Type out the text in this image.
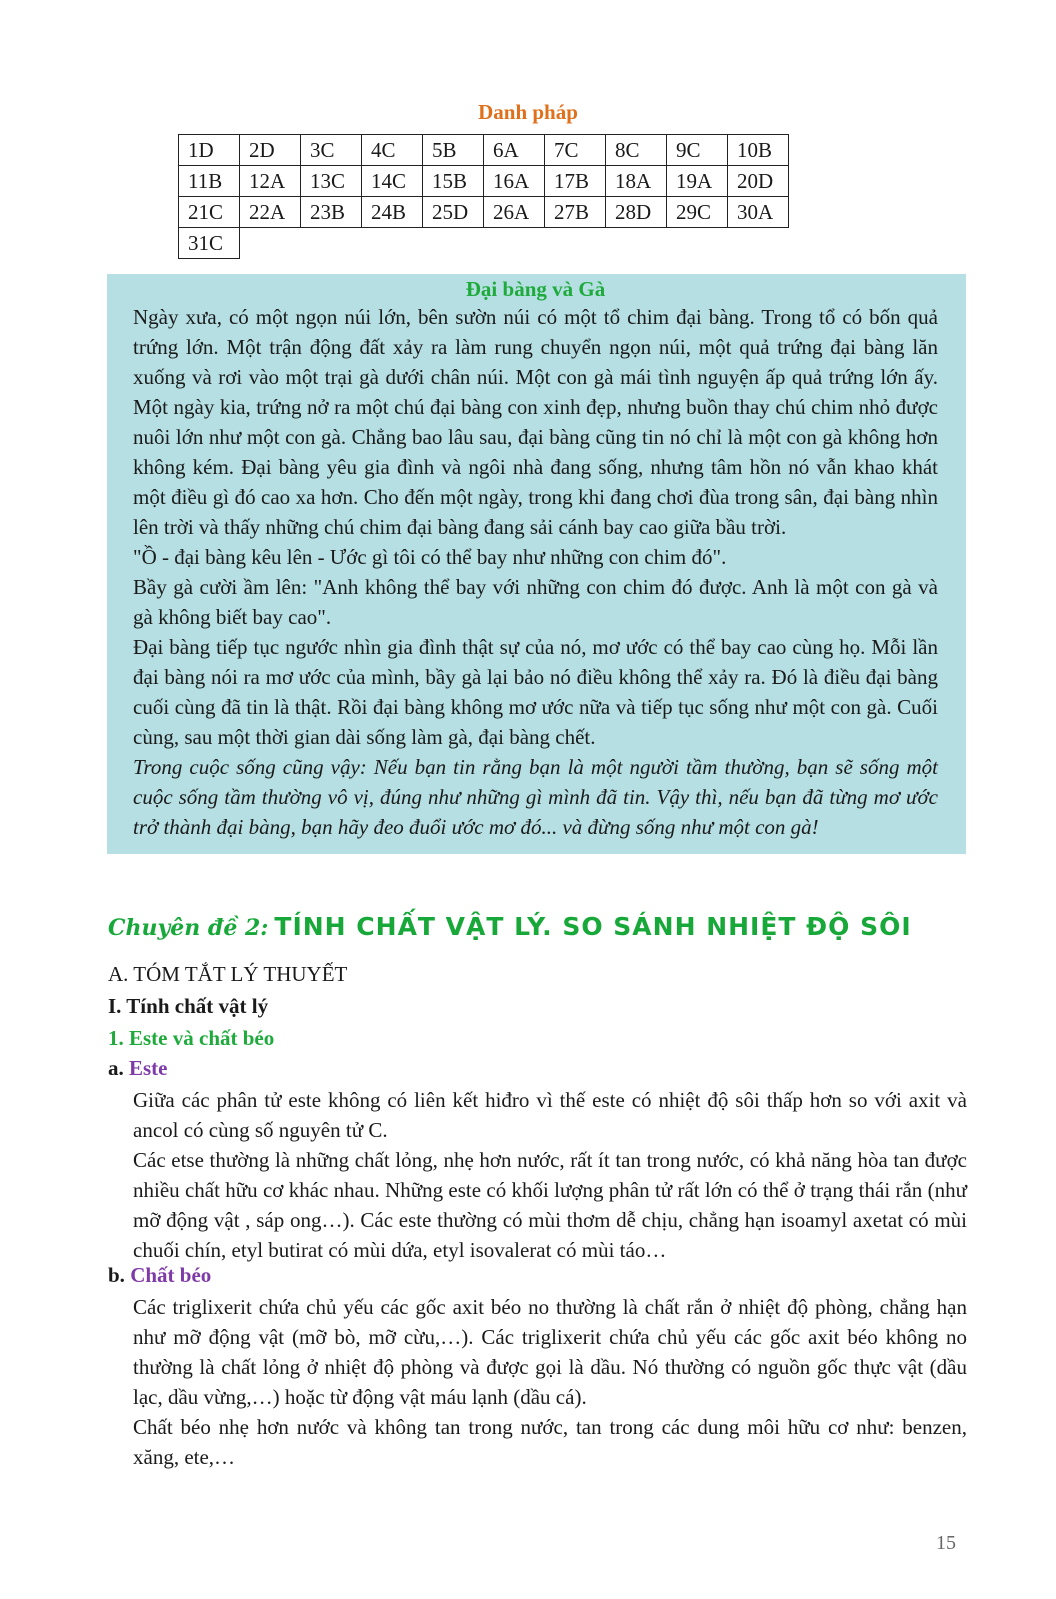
Danh pháp
1D	2D	3C	4C	5B	6A	7C	8C	9C	10B
11B	12A	13C	14C	15B	16A	17B	18A	19A	20D
21C	22A	23B	24B	25D	26A	27B	28D	29C	30A
31C									
Đại bàng và Gà

Ngày xưa, có một ngọn núi lớn, bên sườn núi có một tổ chim đại bàng. Trong tổ có bốn quả trứng lớn. Một trận động đất xảy ra làm rung chuyển ngọn núi, một quả trứng đại bàng lăn xuống và rơi vào một trại gà dưới chân núi. Một con gà mái tình nguyện ấp quả trứng lớn ấy. Một ngày kia, trứng nở ra một chú đại bàng con xinh đẹp, nhưng buồn thay chú chim nhỏ được nuôi lớn như một con gà. Chẳng bao lâu sau, đại bàng cũng tin nó chỉ là một con gà không hơn không kém. Đại bàng yêu gia đình và ngôi nhà đang sống, nhưng tâm hồn nó vẫn khao khát một điều gì đó cao xa hơn. Cho đến một ngày, trong khi đang chơi đùa trong sân, đại bàng nhìn lên trời và thấy những chú chim đại bàng đang sải cánh bay cao giữa bầu trời.

"Ồ - đại bàng kêu lên - Ước gì tôi có thể bay như những con chim đó".

Bầy gà cười ầm lên: "Anh không thể bay với những con chim đó được. Anh là một con gà và gà không biết bay cao".

Đại bàng tiếp tục ngước nhìn gia đình thật sự của nó, mơ ước có thể bay cao cùng họ. Mỗi lần đại bàng nói ra mơ ước của mình, bầy gà lại bảo nó điều không thể xảy ra. Đó là điều đại bàng cuối cùng đã tin là thật. Rồi đại bàng không mơ ước nữa và tiếp tục sống như một con gà. Cuối cùng, sau một thời gian dài sống làm gà, đại bàng chết.

Trong cuộc sống cũng vậy: Nếu bạn tin rằng bạn là một người tầm thường, bạn sẽ sống một cuộc sống tầm thường vô vị, đúng như những gì mình đã tin. Vậy thì, nếu bạn đã từng mơ ước trở thành đại bàng, bạn hãy đeo đuổi ước mơ đó... và đừng sống như một con gà!

Chuyên đề 2: TÍNH CHẤT VẬT LÝ. SO SÁNH NHIỆT ĐỘ SÔI
A. TÓM TẮT LÝ THUYẾT
I. Tính chất vật lý
1. Este và chất béo
a. Este

Giữa các phân tử este không có liên kết hiđro vì thế este có nhiệt độ sôi thấp hơn so với axit và ancol có cùng số nguyên tử C.

Các etse thường là những chất lỏng, nhẹ hơn nước, rất ít tan trong nước, có khả năng hòa tan được nhiều chất hữu cơ khác nhau. Những este có khối lượng phân tử rất lớn có thể ở trạng thái rắn (như mỡ động vật , sáp ong…). Các este thường có mùi thơm dễ chịu, chẳng hạn isoamyl axetat có mùi chuối chín, etyl butirat có mùi dứa, etyl isovalerat có mùi táo…

b. Chất béo

Các triglixerit chứa chủ yếu các gốc axit béo no thường là chất rắn ở nhiệt độ phòng, chẳng hạn như mỡ động vật (mỡ bò, mỡ cừu,…). Các triglixerit chứa chủ yếu các gốc axit béo không no thường là chất lỏng ở nhiệt độ phòng và được gọi là dầu. Nó thường có nguồn gốc thực vật (dầu lạc, dầu vừng,…) hoặc từ động vật máu lạnh (dầu cá).

Chất béo nhẹ hơn nước và không tan trong nước, tan trong các dung môi hữu cơ như: benzen, xăng, ete,…

15
